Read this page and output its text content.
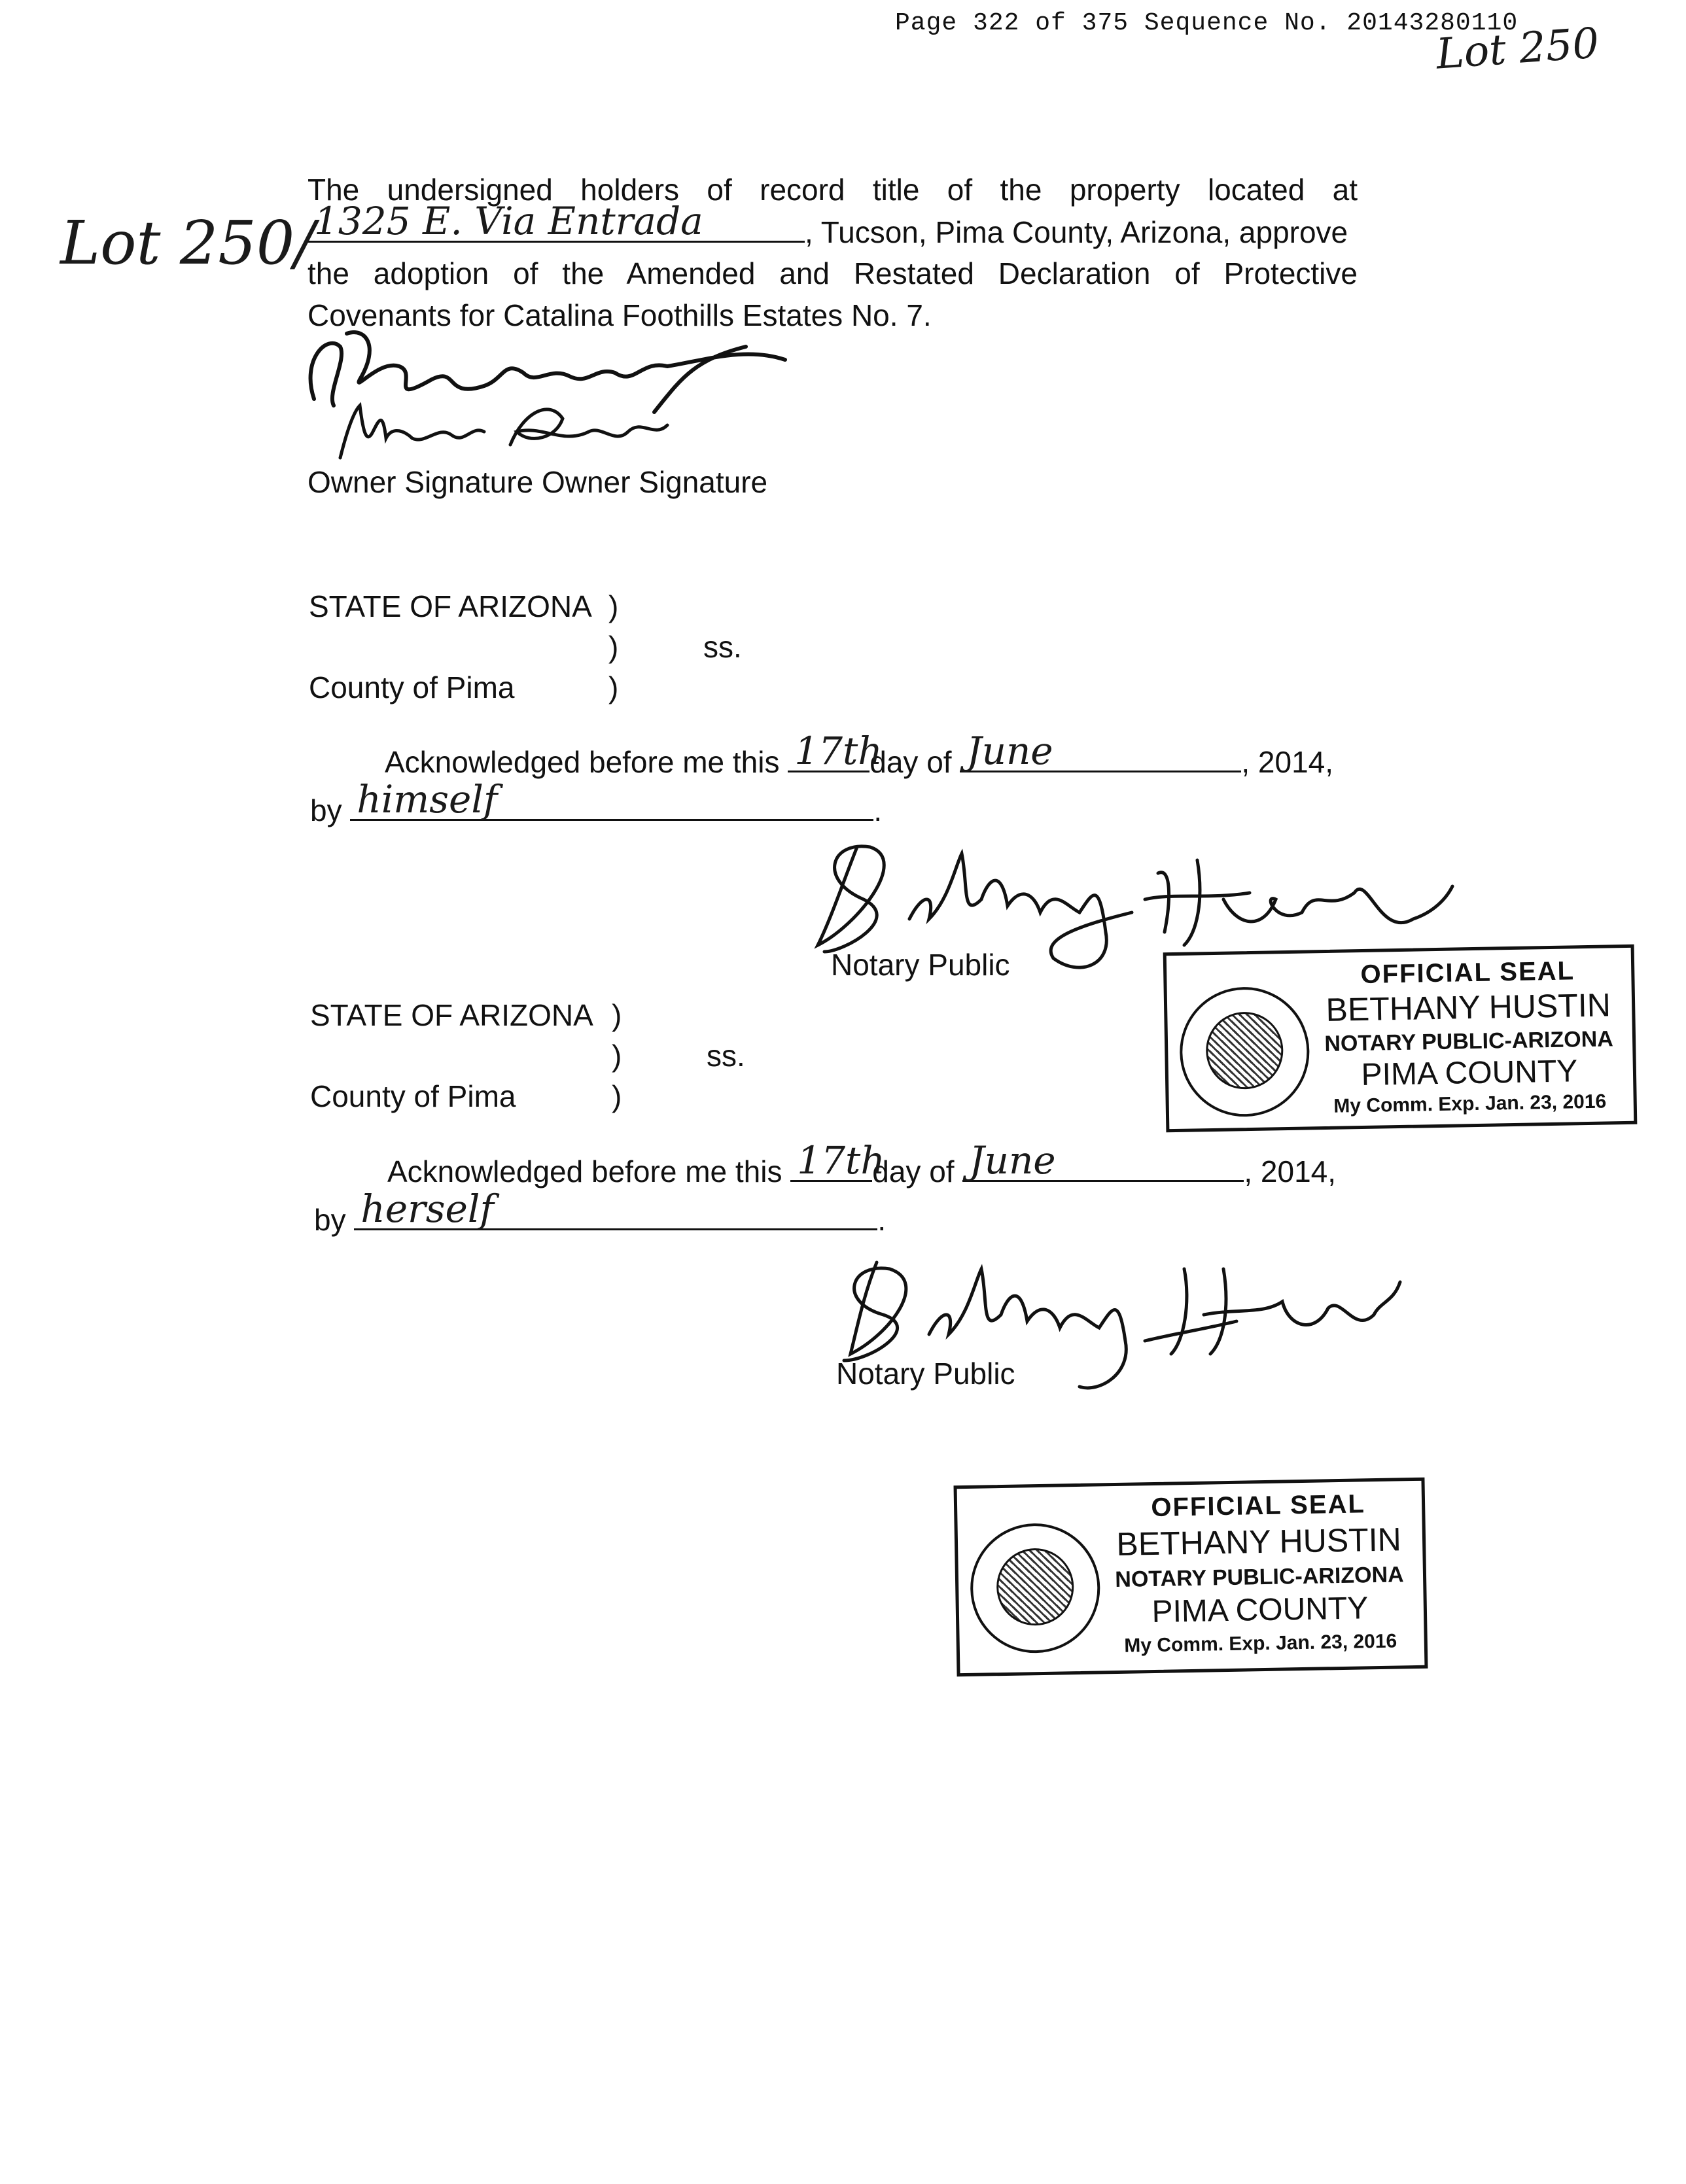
Page 322 of 375 Sequence No. 20143280110
Lot 250
Lot 250/
The undersigned holders of record title of the property located at
1325 E. Via Entrada	, Tucson, Pima County, Arizona, approve
the adoption of the Amended and Restated Declaration of Protective
Covenants for Catalina Foothills Estates No. 7.
Owner Signature Owner Signature
STATE OF ARIZONA )
)	ss.
)
County of Pima
Acknowledged before me this 17th
day of June	, 2014,
by himself	.
Notary Public	OFFICIAL SEAL
BETHANY HUSTIN
NOTARY PUBLIC-ARIZONA
PIMA COUNTY
My Comm. Exp. Jan. 23, 2016
STATE OF ARIZONA )
)	ss.
)
County of Pima
Acknowledged before me this 17th
day of June	, 2014,
by herself	.
Notary Public
OFFICIAL SEAL
BETHANY HUSTIN
NOTARY PUBLIC-ARIZONA
PIMA COUNTY
My Comm. Exp. Jan. 23, 2016
